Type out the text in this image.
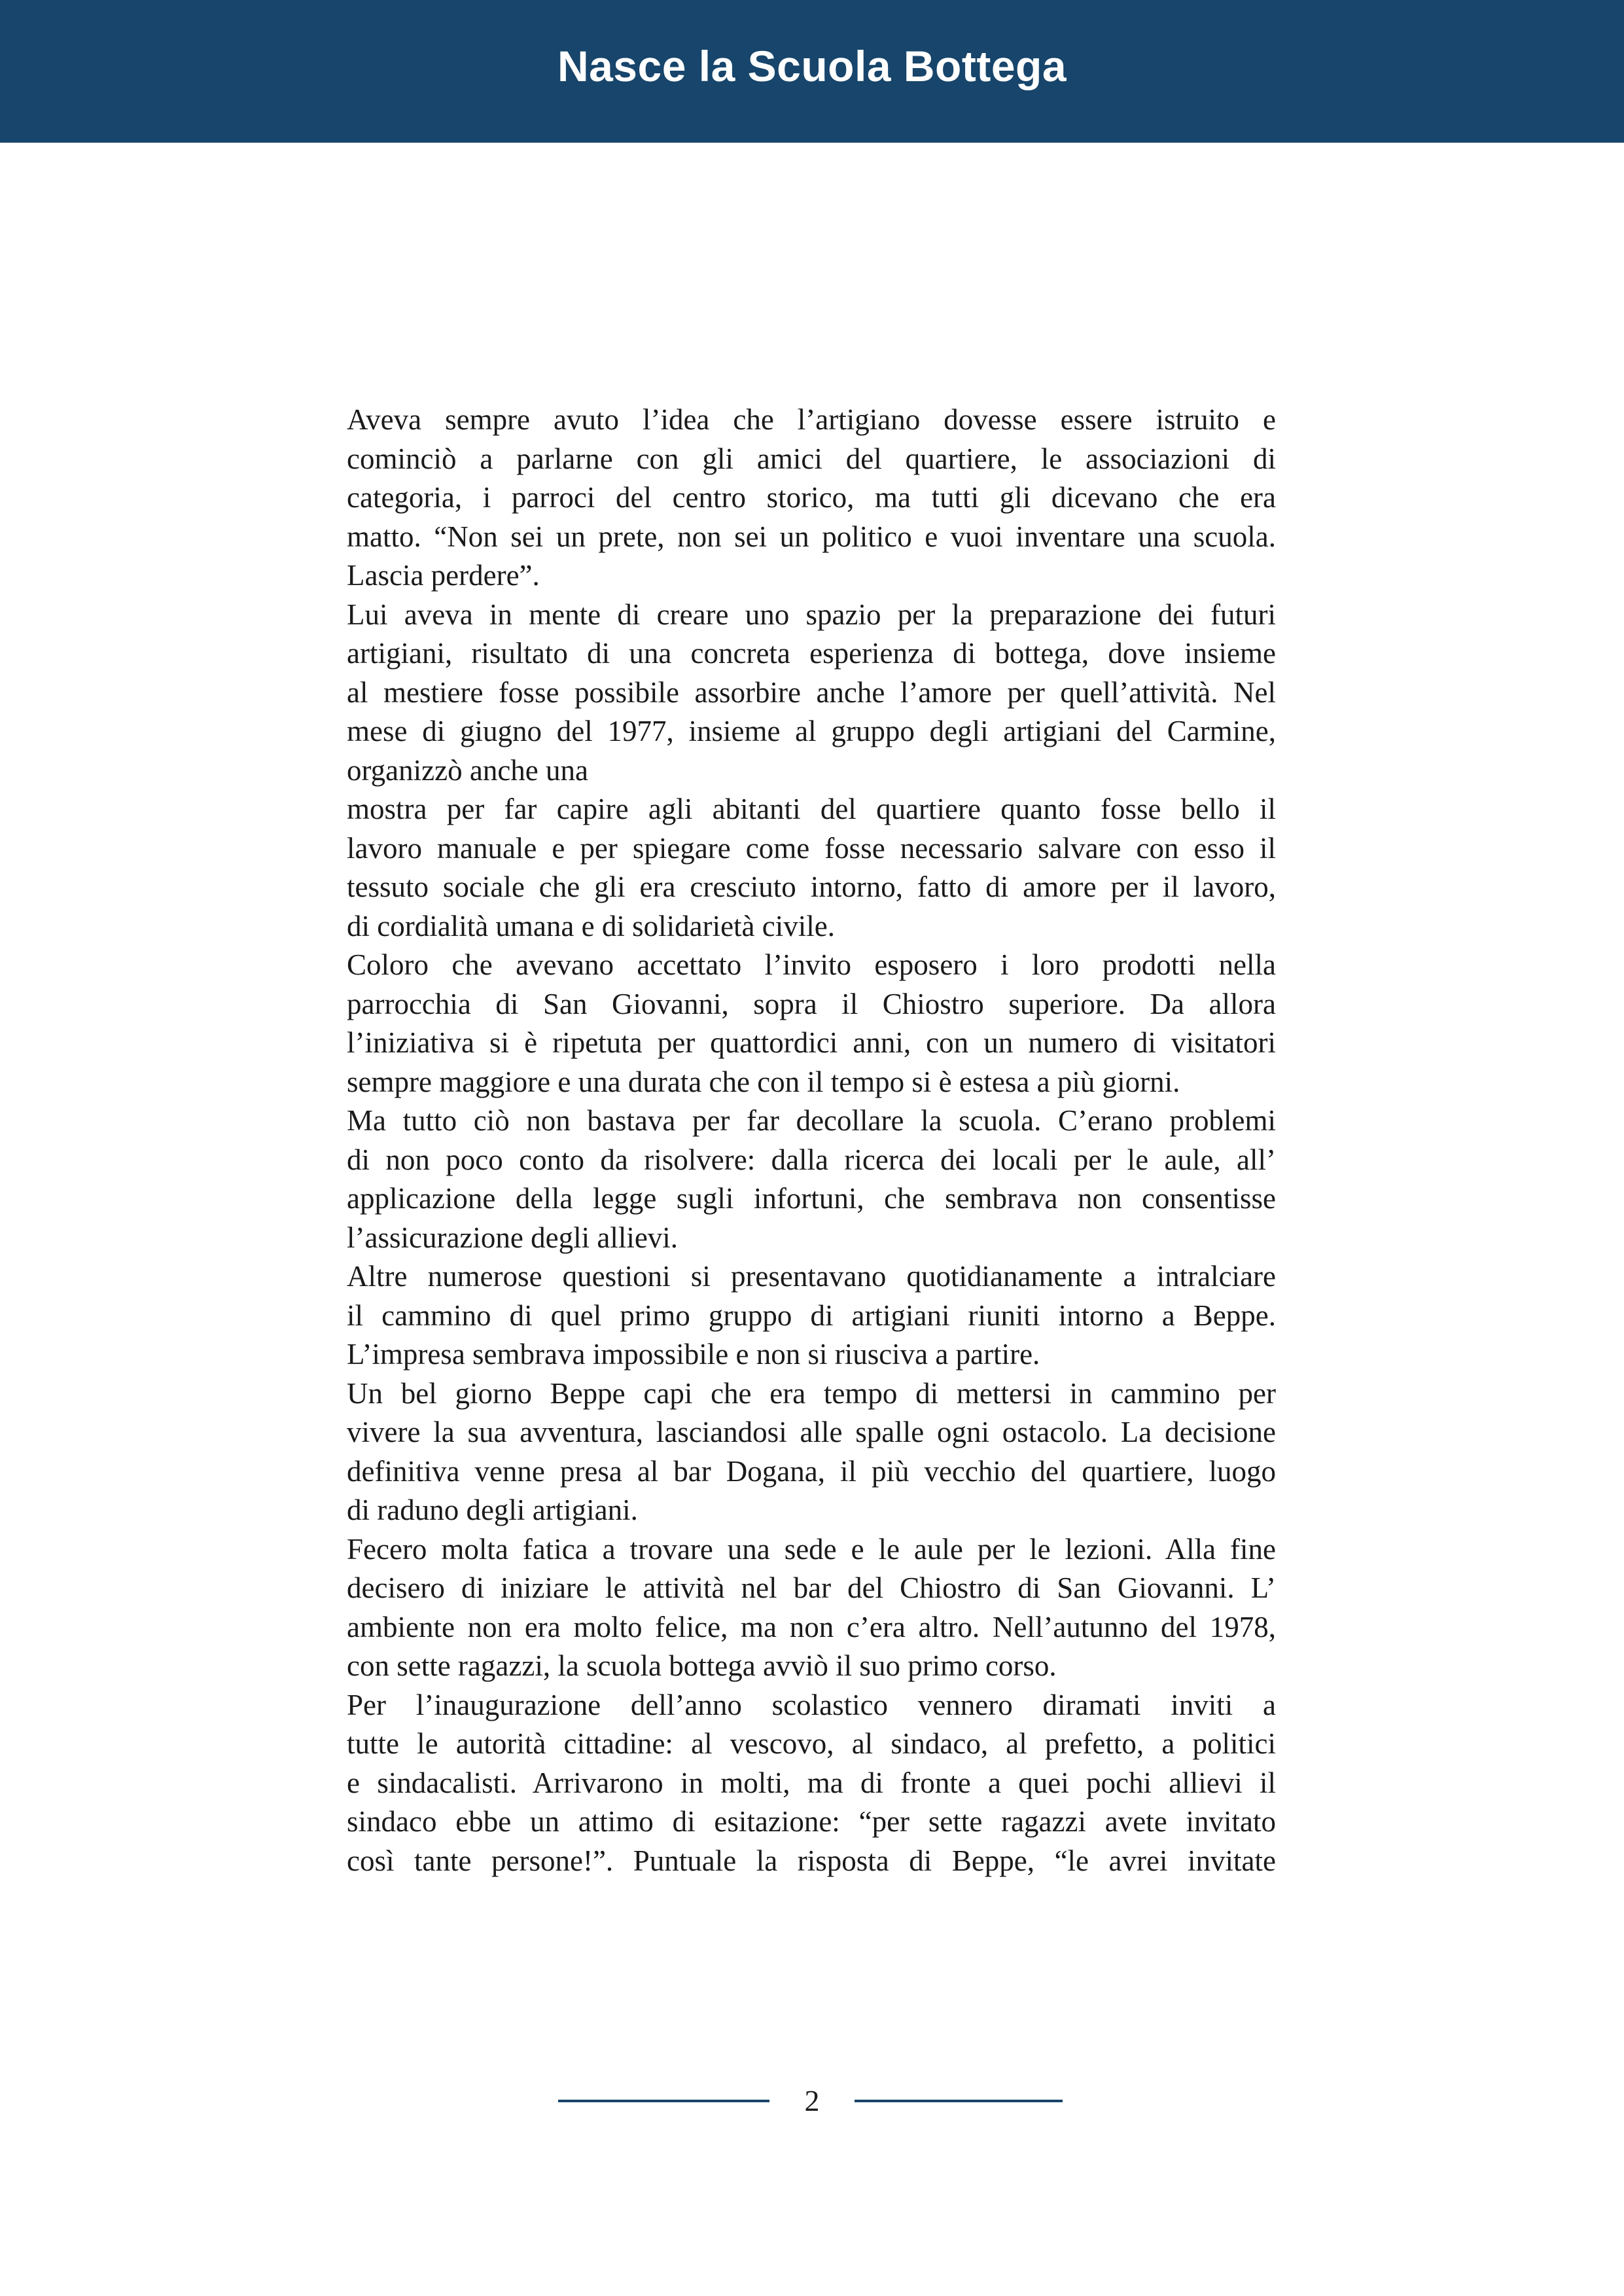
Nasce la Scuola Bottega
Aveva sempre avuto l’idea che l’artigiano dovesse essere istruito e
cominciò a parlarne con gli amici del quartiere, le associazioni di
categoria, i parroci del centro storico, ma tutti gli dicevano che era
matto. “Non sei un prete, non sei un politico e vuoi inventare una scuola.
Lascia perdere”.
Lui aveva in mente di creare uno spazio per la preparazione dei futuri
artigiani, risultato di una concreta esperienza di bottega, dove insieme
al mestiere fosse possibile assorbire anche l’amore per quell’attività. Nel
mese di giugno del 1977, insieme al gruppo degli artigiani del Carmine,
organizzò anche una
mostra per far capire agli abitanti del quartiere quanto fosse bello il
lavoro manuale e per spiegare come fosse necessario salvare con esso il
tessuto sociale che gli era cresciuto intorno, fatto di amore per il lavoro,
di cordialità umana e di solidarietà civile.
Coloro che avevano accettato l’invito esposero i loro prodotti nella
parrocchia di San Giovanni, sopra il Chiostro superiore. Da allora
l’iniziativa si è ripetuta per quattordici anni, con un numero di visitatori
sempre maggiore e una durata che con il tempo si è estesa a più giorni.
Ma tutto ciò non bastava per far decollare la scuola. C’erano problemi
di non poco conto da risolvere: dalla ricerca dei locali per le aule, all’
applicazione della legge sugli infortuni, che sembrava non consentisse
l’assicurazione degli allievi.
Altre numerose questioni si presentavano quotidianamente a intralciare
il cammino di quel primo gruppo di artigiani riuniti intorno a Beppe.
L’impresa sembrava impossibile e non si riusciva a partire.
Un bel giorno Beppe capi che era tempo di mettersi in cammino per
vivere la sua avventura, lasciandosi alle spalle ogni ostacolo. La decisione
definitiva venne presa al bar Dogana, il più vecchio del quartiere, luogo
di raduno degli artigiani.
Fecero molta fatica a trovare una sede e le aule per le lezioni. Alla fine
decisero di iniziare le attività nel bar del Chiostro di San Giovanni. L’
ambiente non era molto felice, ma non c’era altro. Nell’autunno del 1978,
con sette ragazzi, la scuola bottega avviò il suo primo corso.
Per l’inaugurazione dell’anno scolastico vennero diramati inviti a
tutte le autorità cittadine: al vescovo, al sindaco, al prefetto, a politici
e sindacalisti. Arrivarono in molti, ma di fronte a quei pochi allievi il
sindaco ebbe un attimo di esitazione: “per sette ragazzi avete invitato
così tante persone!”. Puntuale la risposta di Beppe, “le avrei invitate
2
